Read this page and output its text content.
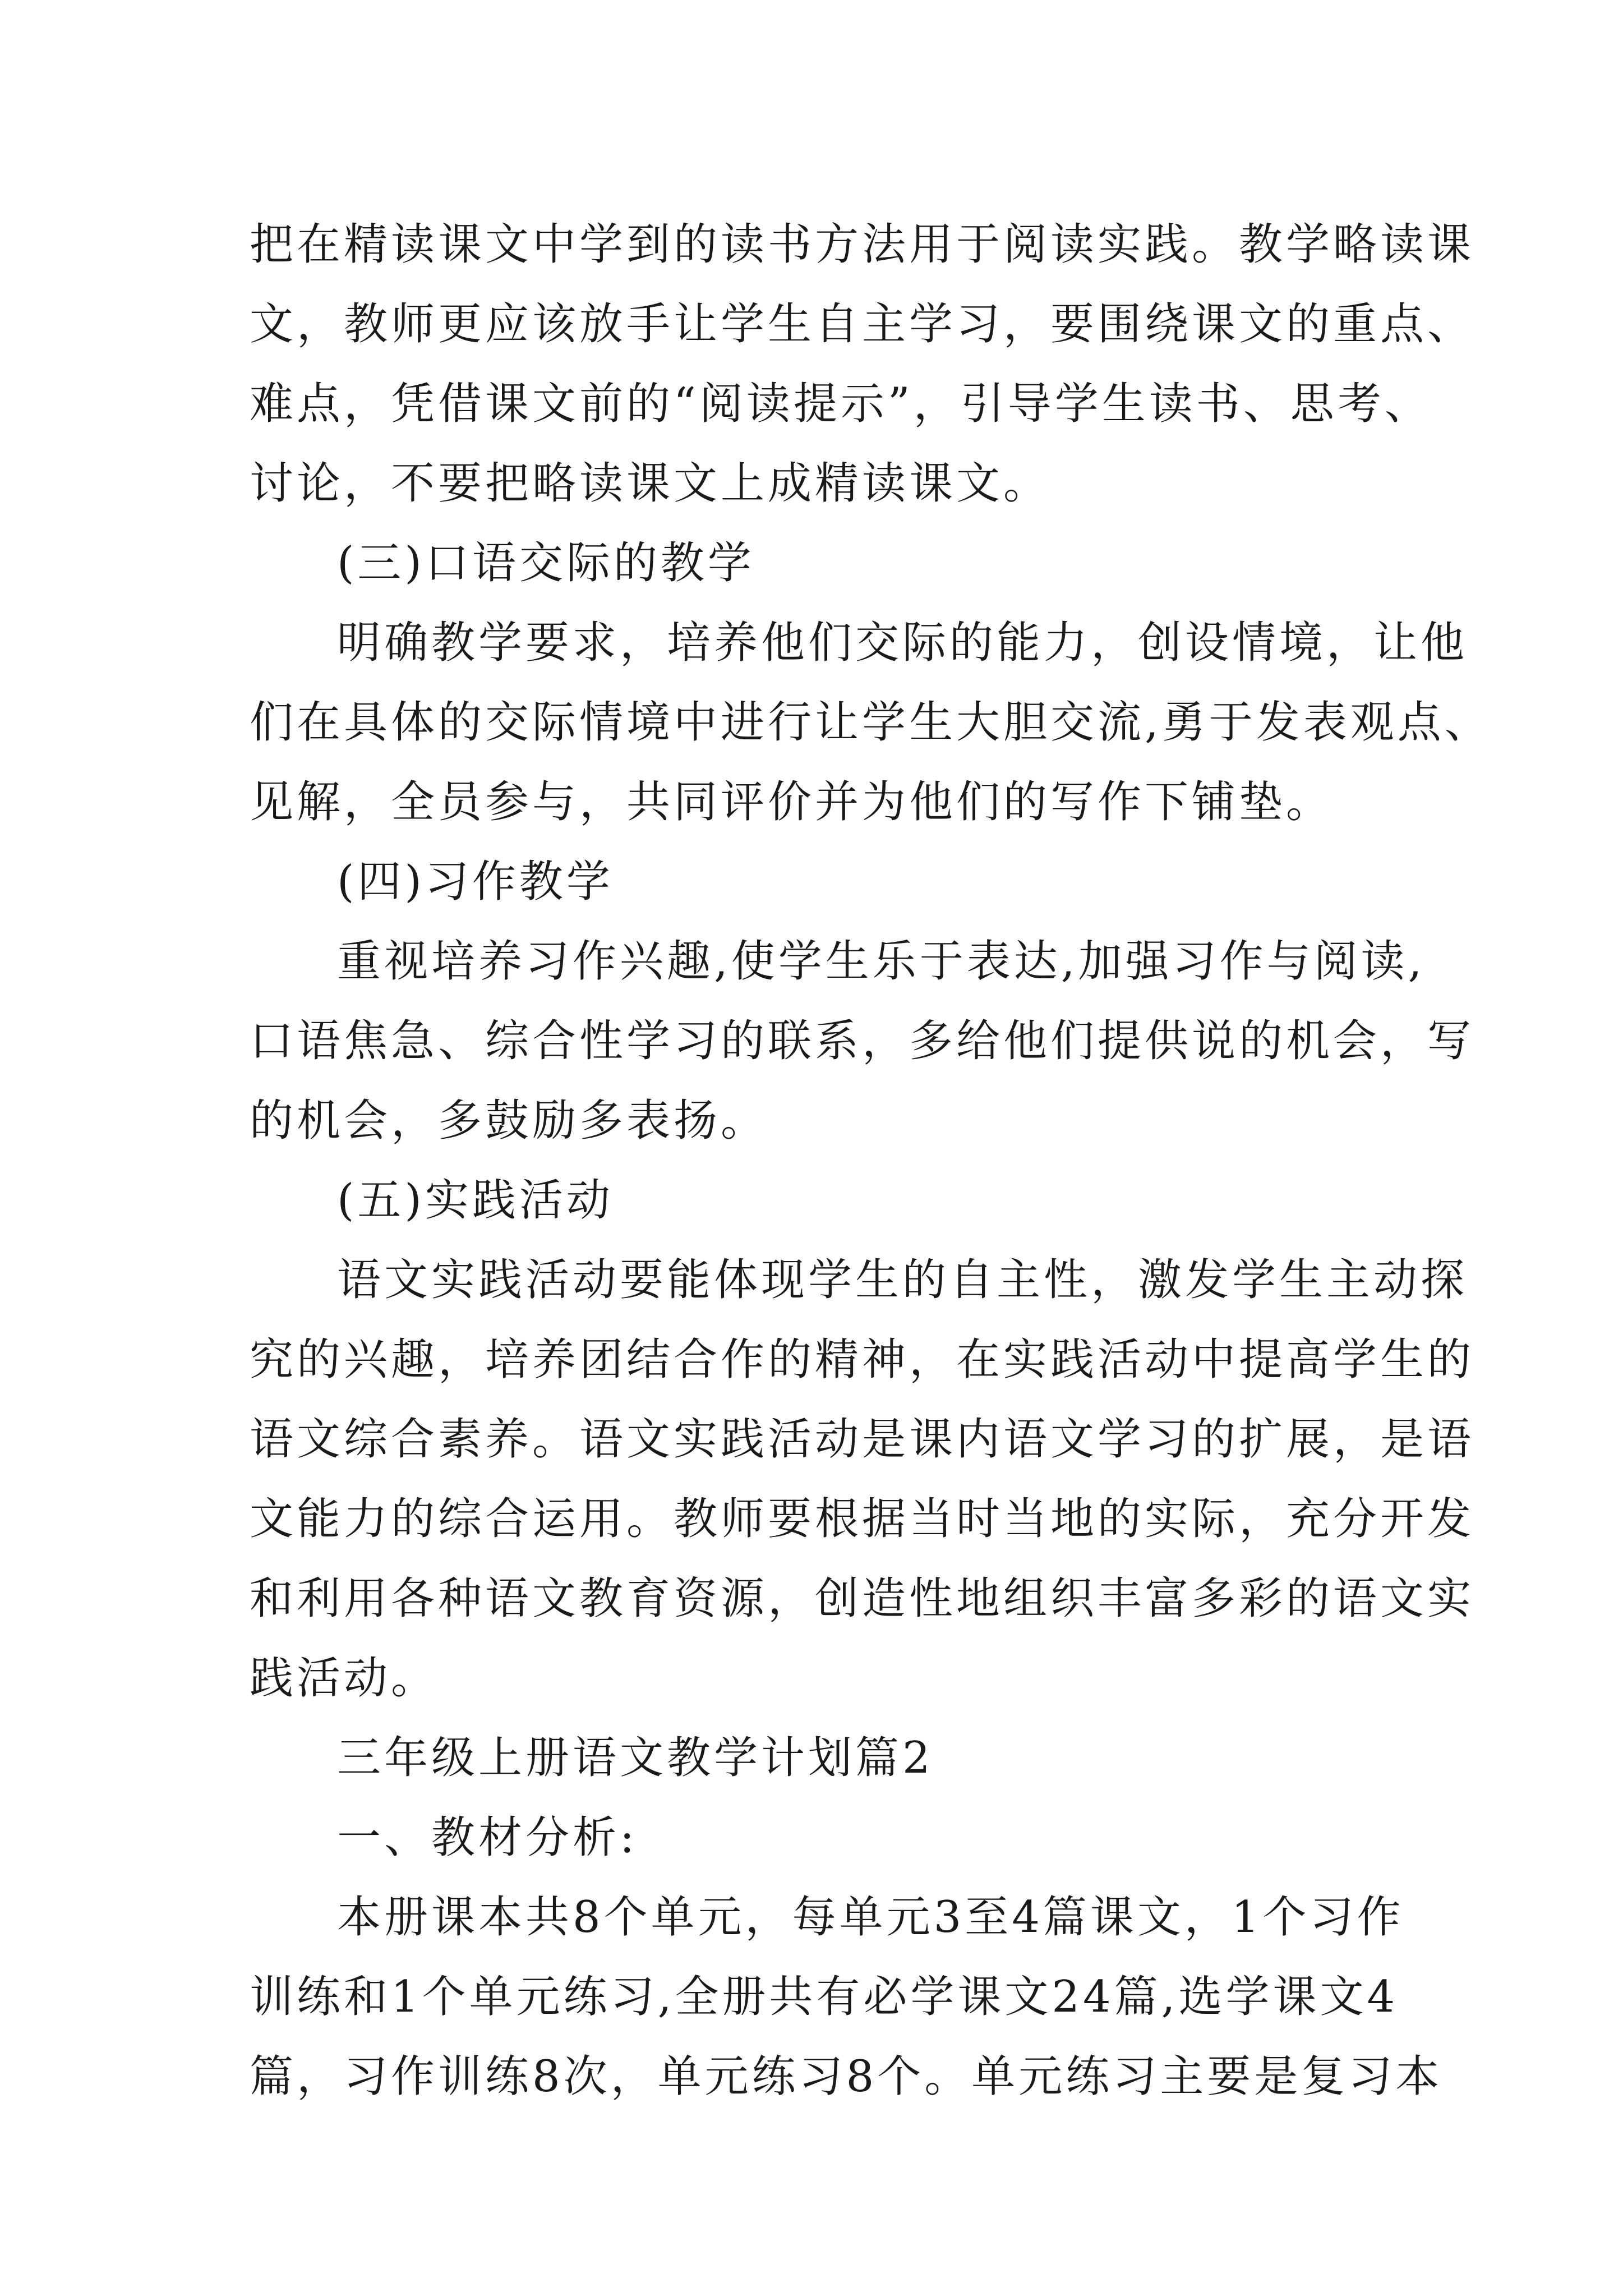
把在精读课文中学到的读书方法用于阅读实践。教学略读课
文，教师更应该放手让学生自主学习，要围绕课文的重点、
难点，凭借课文前的“阅读提示”，引导学生读书、思考、
讨论，不要把略读课文上成精读课文。
(三)口语交际的教学
明确教学要求，培养他们交际的能力，创设情境，让他
们在具体的交际情境中进行让学生大胆交流,勇于发表观点、
见解，全员参与，共同评价并为他们的写作下铺垫。
(四)习作教学
重视培养习作兴趣,使学生乐于表达,加强习作与阅读,
口语焦急、综合性学习的联系，多给他们提供说的机会，写
的机会，多鼓励多表扬。
(五)实践活动
语文实践活动要能体现学生的自主性，激发学生主动探
究的兴趣，培养团结合作的精神，在实践活动中提高学生的
语文综合素养。语文实践活动是课内语文学习的扩展，是语
文能力的综合运用。教师要根据当时当地的实际，充分开发
和利用各种语文教育资源，创造性地组织丰富多彩的语文实
践活动。
三年级上册语文教学计划篇2
一、教材分析:
本册课本共8个单元，每单元3至4篇课文，1个习作
训练和1个单元练习,全册共有必学课文24篇,选学课文4
篇，习作训练8次，单元练习8个。单元练习主要是复习本
